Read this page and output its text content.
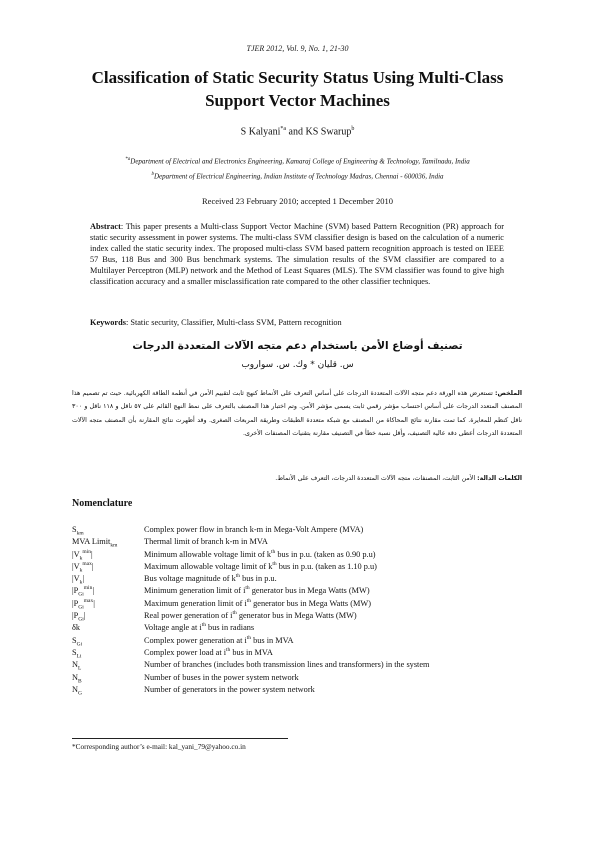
TJER 2012, Vol. 9, No. 1, 21-30
Classification of Static Security Status Using Multi-Class
Support Vector Machines
S Kalyani$^{*a}$ and KS Swarup$^b$
$^{*a}$Department of Electrical and Electronics Engineering, Kamaraj College of Engineering & Technology, Tamilnadu, India
$^b$Department of Electrical Engineering, Indian Institute of Technology Madras, Chennai - 600036, India
Received 23 February 2010; accepted 1 December 2010
Abstract: This paper presents a Multi-class Support Vector Machine (SVM) based Pattern Recognition (PR) approach for static security assessment in power systems. The multi-class SVM classifier design is based on the calculation of a numeric index called the static security index. The proposed multi-class SVM based pattern recognition approach is tested on IEEE 57 Bus, 118 Bus and 300 Bus benchmark systems. The simulation results of the SVM classifier are compared to a Multilayer Perceptron (MLP) network and the Method of Least Squares (MLS). The SVM classifier was found to give high classification accuracy and a smaller misclassification rate compared to the other classifier techniques.
Keywords: Static security, Classifier, Multi-class SVM, Pattern recognition
تصنيف أوضاع الأمن باستخدام دعم متجه الآلات المتعددة الدرجات
س. قليان * وك. س. سواروب
الملخص: تستعرض هذه الورقة دعم متجه الآلات المتعددة الدرجات على أساس التعرف على الأنماط كنهج ثابت لتقييم الأمن في أنظمة الطاقة الكهربائية. حيث تم تصميم هذا المصنف المتعدد الدرجات على أساس احتساب مؤشر رقمي ثابت يسمى مؤشر الأمن. وتم اختبار هذا المصنف بالتعرف على نمط النهج القائم على ٥٧ ناقل و ١١٨ ناقل و ٣٠٠ ناقل كنظم للمعايرة. كما تمت مقارنة نتائج المحاكاة من المصنف مع شبكة متعددة الطبقات وطريقة المربعات الصغرى. وقد أظهرت نتائج المقارنة بأن المصنف متجه الآلات المتعددة الدرجات أعطى دقة عالية التصنيف، وأقل نسبة خطأ في التصنيف مقارنة بتقنيات المصنفات الأخرى.
الكلمات الدالة: الأمن الثابت، المصنفات، متجه الآلات المتعددة الدرجات، التعرف على الأنماط.
Nomenclature
$S_{km}$	Complex power flow in branch k-m in Mega-Volt Ampere (MVA)
MVA Limit$_{km}$	Thermal limit of branch k-m in MVA
$|V_k^{min}|$	Minimum allowable voltage limit of $k^{th}$ bus in p.u. (taken as 0.90 p.u)
$|V_k^{max}|$	Maximum allowable voltage limit of $k^{th}$ bus in p.u. (taken as 1.10 p.u)
$|V_k|$	Bus voltage magnitude of $k^{th}$ bus in p.u.
$|P_{Gi}^{min}|$	Minimum generation limit of $i^{th}$ generator bus in Mega Watts (MW)
$|P_{Gi}^{max}|$	Maximum generation limit of $i^{th}$ generator bus in Mega Watts (MW)
$|P_{Gi}|$	Real power generation of $i^{th}$ generator bus in Mega Watts (MW)
δk	Voltage angle at $i^{th}$ bus in radians
$S_{Gi}$	Complex power generation at $i^{th}$ bus in MVA
$S_{Li}$	Complex power load at $i^{th}$ bus in MVA
$N_L$	Number of branches (includes both transmission lines and transformers) in the system
$N_B$	Number of buses in the power system network
$N_G$	Number of generators in the power system network
*Corresponding author’s e-mail: kal_yani_79@yahoo.co.in
